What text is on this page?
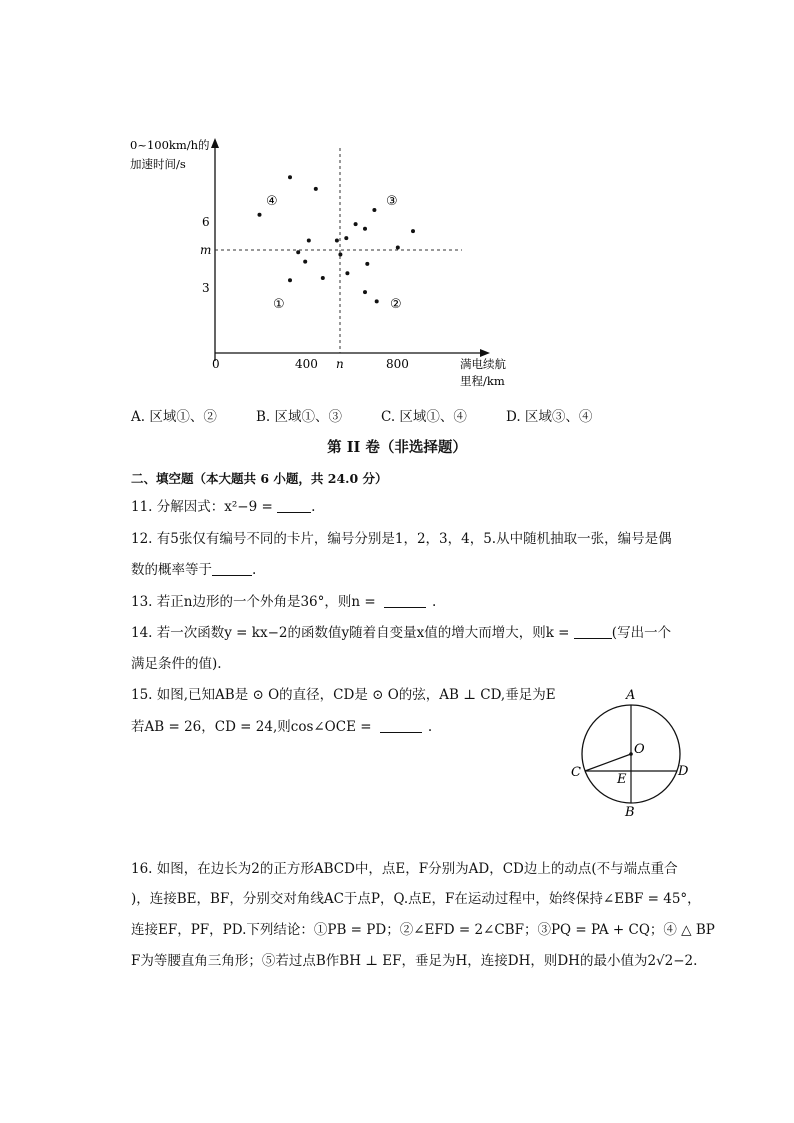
0~100km/h的
加速时间/s
满电续航
里程/km
0	400 n	800
6
m
3
④	③
①	②
A. 区域①、②	B. 区域①、③	C. 区域①、④	D. 区域③、④
第 II 卷（非选择题）
二、填空题（本大题共 6 小题，共 24.0 分）
11. 分解因式：x²−9 =	.
12. 有5张仅有编号不同的卡片，编号分别是1，2，3，4，5.从中随机抽取一张，编号是偶
数的概率等于	.
13. 若正n边形的一个外角是36°，则n =	.
14. 若一次函数y = kx−2的函数值y随着自变量x值的增大而增大，则k =	(写出一个
满足条件的值).
15. 如图,已知AB是 ⊙ O的直径，CD是 ⊙ O的弦，AB ⊥ CD,垂足为E
若AB = 26，CD = 24,则cos∠OCE =	.
A
B
C	D
O
E
16. 如图，在边长为2的正方形ABCD中，点E，F分别为AD，CD边上的动点(不与端点重合
)，连接BE，BF，分别交对角线AC于点P，Q.点E，F在运动过程中，始终保持∠EBF = 45°，
连接EF，PF，PD.下列结论：①PB = PD；②∠EFD = 2∠CBF；③PQ = PA + CQ；④ △ BP
F为等腰直角三角形；⑤若过点B作BH ⊥ EF，垂足为H，连接DH，则DH的最小值为2√2−2.
